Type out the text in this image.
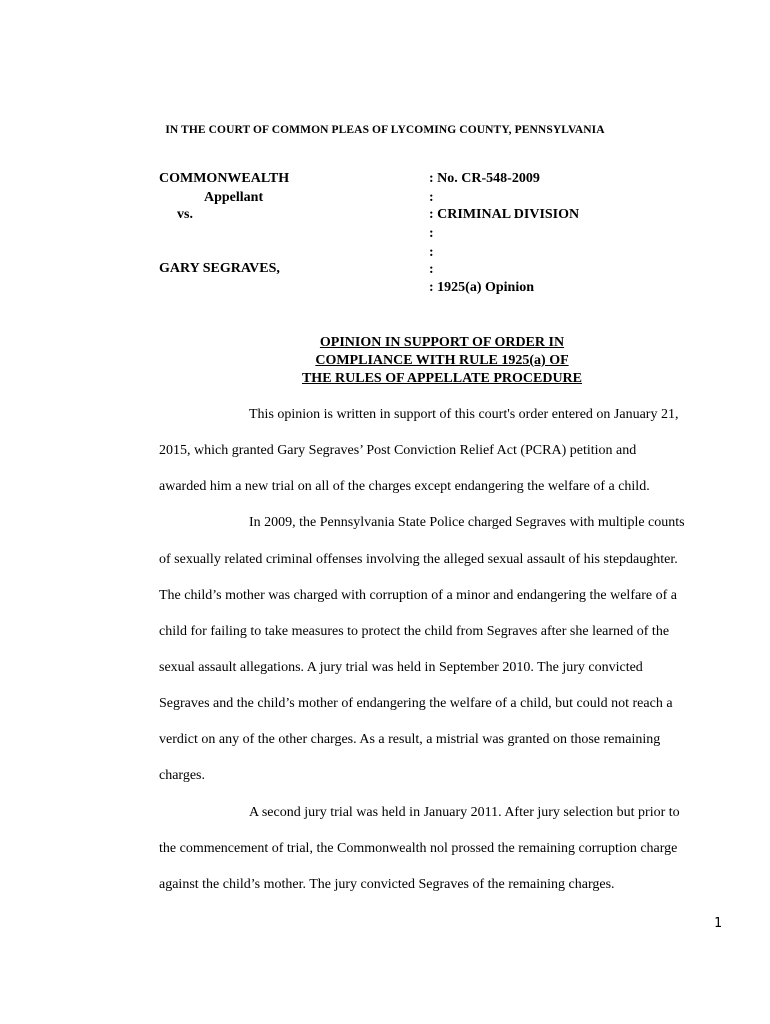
IN THE COURT OF COMMON PLEAS OF LYCOMING COUNTY, PENNSYLVANIA
COMMONWEALTH
Appellant
vs.
GARY SEGRAVES,
: No. CR-548-2009
:
: CRIMINAL DIVISION
:
:
:
: 1925(a) Opinion
OPINION IN SUPPORT OF ORDER IN
COMPLIANCE WITH RULE 1925(a) OF
THE RULES OF APPELLATE PROCEDURE
This opinion is written in support of this court's order entered on January 21,
2015, which granted Gary Segraves’ Post Conviction Relief Act (PCRA) petition and
awarded him a new trial on all of the charges except endangering the welfare of a child.
In 2009, the Pennsylvania State Police charged Segraves with multiple counts
of sexually related criminal offenses involving the alleged sexual assault of his stepdaughter.
The child’s mother was charged with corruption of a minor and endangering the welfare of a
child for failing to take measures to protect the child from Segraves after she learned of the
sexual assault allegations. A jury trial was held in September 2010. The jury convicted
Segraves and the child’s mother of endangering the welfare of a child, but could not reach a
verdict on any of the other charges. As a result, a mistrial was granted on those remaining
charges.
A second jury trial was held in January 2011. After jury selection but prior to
the commencement of trial, the Commonwealth nol prossed the remaining corruption charge
against the child’s mother. The jury convicted Segraves of the remaining charges.
1
